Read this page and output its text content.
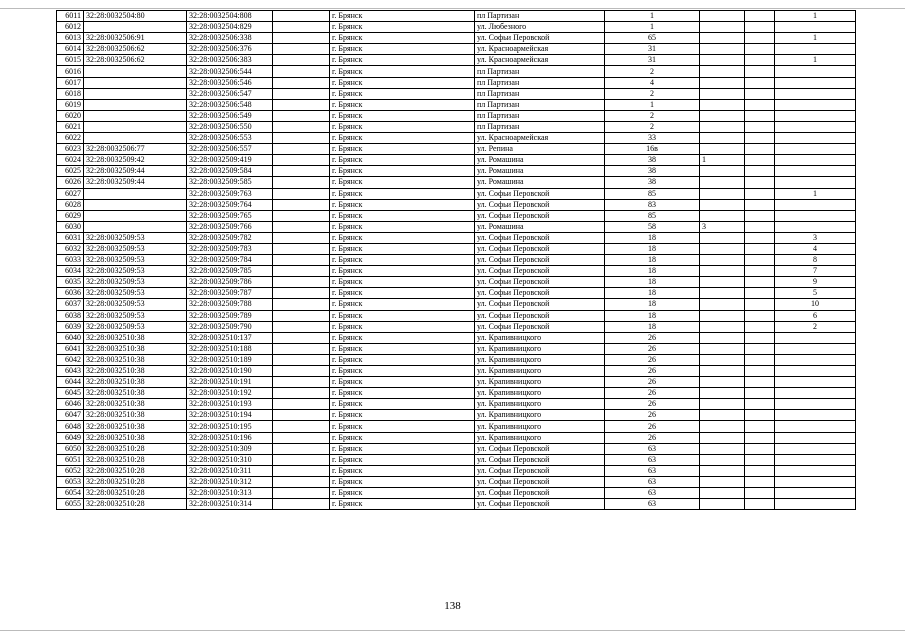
6011	32:28:0032504:80	32:28:0032504:808		г. Брянск	пл Партизан	1			1
6012		32:28:0032504:829		г. Брянск	ул. Любезного	1			
6013	32:28:0032506:91	32:28:0032506:338		г. Брянск	ул. Софьи Перовской	65			1
6014	32:28:0032506:62	32:28:0032506:376		г. Брянск	ул. Красноармейская	31			
6015	32:28:0032506:62	32:28:0032506:383		г. Брянск	ул. Красноармейская	31			1
6016		32:28:0032506:544		г. Брянск	пл Партизан	2			
6017		32:28:0032506:546		г. Брянск	пл Партизан	4			
6018		32:28:0032506:547		г. Брянск	пл Партизан	2			
6019		32:28:0032506:548		г. Брянск	пл Партизан	1			
6020		32:28:0032506:549		г. Брянск	пл Партизан	2			
6021		32:28:0032506:550		г. Брянск	пл Партизан	2			
6022		32:28:0032506:553		г. Брянск	ул. Красноармейская	33			
6023	32:28:0032506:77	32:28:0032506:557		г. Брянск	ул. Репина	16в			
6024	32:28:0032509:42	32:28:0032509:419		г. Брянск	ул. Ромашина	38	1		
6025	32:28:0032509:44	32:28:0032509:584		г. Брянск	ул. Ромашина	38			
6026	32:28:0032509:44	32:28:0032509:585		г. Брянск	ул. Ромашина	38			
6027		32:28:0032509:763		г. Брянск	ул. Софьи Перовской	85			1
6028		32:28:0032509:764		г. Брянск	ул. Софьи Перовской	83			
6029		32:28:0032509:765		г. Брянск	ул. Софьи Перовской	85			
6030		32:28:0032509:766		г. Брянск	ул. Ромашина	58	3		
6031	32:28:0032509:53	32:28:0032509:782		г. Брянск	ул. Софьи Перовской	18			3
6032	32:28:0032509:53	32:28:0032509:783		г. Брянск	ул. Софьи Перовской	18			4
6033	32:28:0032509:53	32:28:0032509:784		г. Брянск	ул. Софьи Перовской	18			8
6034	32:28:0032509:53	32:28:0032509:785		г. Брянск	ул. Софьи Перовской	18			7
6035	32:28:0032509:53	32:28:0032509:786		г. Брянск	ул. Софьи Перовской	18			9
6036	32:28:0032509:53	32:28:0032509:787		г. Брянск	ул. Софьи Перовской	18			5
6037	32:28:0032509:53	32:28:0032509:788		г. Брянск	ул. Софьи Перовской	18			10
6038	32:28:0032509:53	32:28:0032509:789		г. Брянск	ул. Софьи Перовской	18			6
6039	32:28:0032509:53	32:28:0032509:790		г. Брянск	ул. Софьи Перовской	18			2
6040	32:28:0032510:38	32:28:0032510:137		г. Брянск	ул. Крапивницкого	26			
6041	32:28:0032510:38	32:28:0032510:188		г. Брянск	ул. Крапивницкого	26			
6042	32:28:0032510:38	32:28:0032510:189		г. Брянск	ул. Крапивницкого	26			
6043	32:28:0032510:38	32:28:0032510:190		г. Брянск	ул. Крапивницкого	26			
6044	32:28:0032510:38	32:28:0032510:191		г. Брянск	ул. Крапивницкого	26			
6045	32:28:0032510:38	32:28:0032510:192		г. Брянск	ул. Крапивницкого	26			
6046	32:28:0032510:38	32:28:0032510:193		г. Брянск	ул. Крапивницкого	26			
6047	32:28:0032510:38	32:28:0032510:194		г. Брянск	ул. Крапивницкого	26			
6048	32:28:0032510:38	32:28:0032510:195		г. Брянск	ул. Крапивницкого	26			
6049	32:28:0032510:38	32:28:0032510:196		г. Брянск	ул. Крапивницкого	26			
6050	32:28:0032510:28	32:28:0032510:309		г. Брянск	ул. Софьи Перовской	63			
6051	32:28:0032510:28	32:28:0032510:310		г. Брянск	ул. Софьи Перовской	63			
6052	32:28:0032510:28	32:28:0032510:311		г. Брянск	ул. Софьи Перовской	63			
6053	32:28:0032510:28	32:28:0032510:312		г. Брянск	ул. Софьи Перовской	63			
6054	32:28:0032510:28	32:28:0032510:313		г. Брянск	ул. Софьи Перовской	63			
6055	32:28:0032510:28	32:28:0032510:314		г. Брянск	ул. Софьи Перовской	63			
138
